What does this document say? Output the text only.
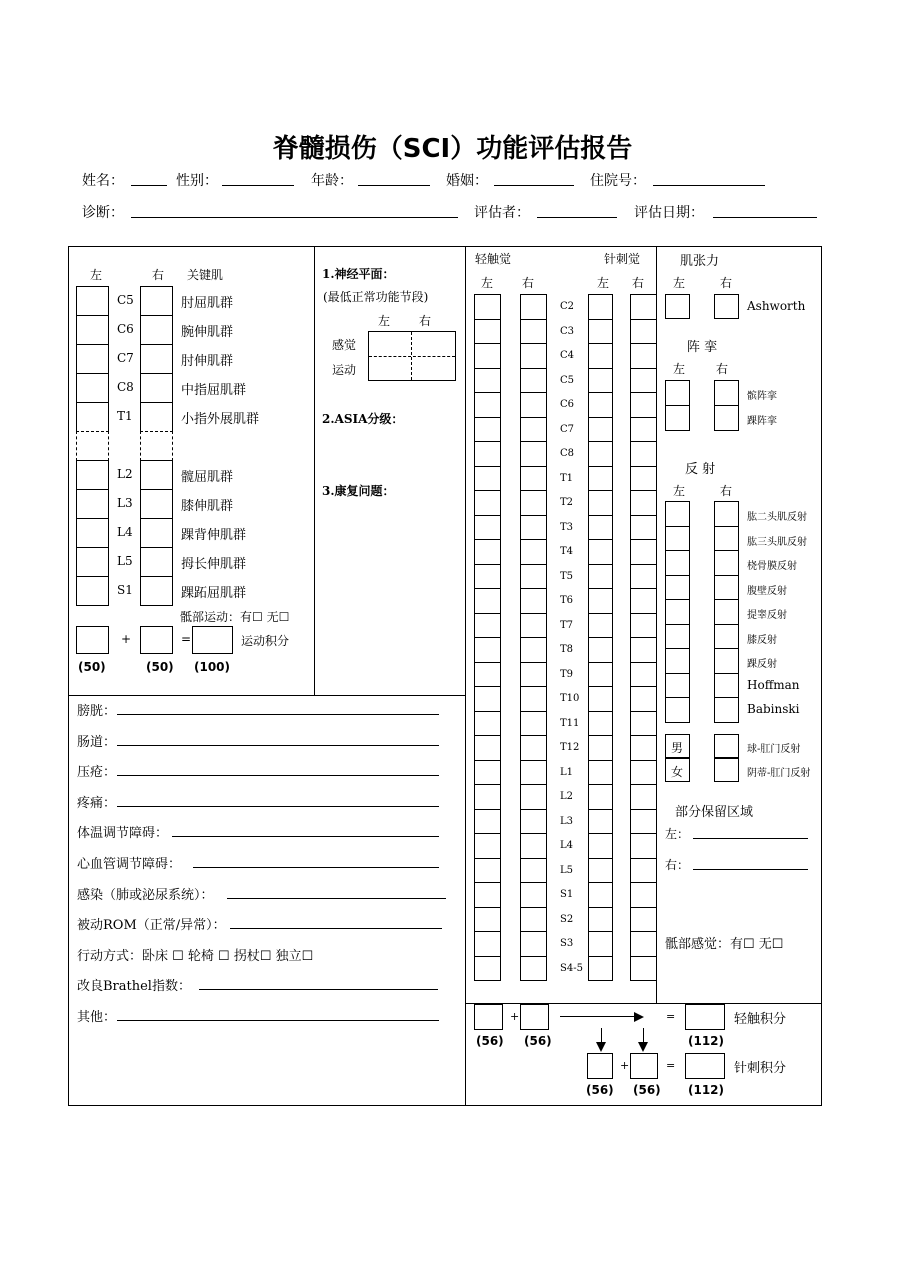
脊髓损伤（SCI）功能评估报告
姓名：	性别：	年龄：	婚姻：	住院号：
诊断：	评估者：	评估日期：
左	右 关键肌
C5	肘屈肌群
C6	腕伸肌群
C7	肘伸肌群
C8	中指屈肌群
T1	小指外展肌群
L2	髋屈肌群
L3	膝伸肌群
L4	踝背伸肌群
L5	拇长伸肌群
S1	踝跖屈肌群
骶部运动：有☐ 无☐
+	=	运动积分
(50)	(50) (100)
1.神经平面：
(最低正常功能节段)
左 右
感觉
运动
2.ASIA分级：
3.康复问题：
膀胱：
肠道：
压疮：
疼痛：
体温调节障碍：
心血管调节障碍：
感染（肺或泌尿系统）：
被动ROM（正常/异常）：
行动方式：卧床 ☐ 轮椅 ☐ 拐杖☐ 独立☐
改良Brathel指数：
其他：
轻触觉	针刺觉
左 右	左 右
C2
C3
C4
C5
C6
C7
C8
T1
T2
T3
T4
T5
T6
T7
T8
T9
T10
T11
T12
L1
L2
L3
L4
L5
S1
S2
S3
S4-5
+	=	轻触积分
(56) (56)	(112)
+	=	针刺积分
(56) (56) (112)
肌张力
左	右
Ashworth
阵 挛
左	右
髌阵挛
踝阵挛
反 射
左	右
肱二头肌反射
肱三头肌反射
桡骨膜反射
腹壁反射
提睾反射
膝反射
踝反射
Hoffman
Babinski
男
女
球-肛门反射
阴蒂-肛门反射
部分保留区域
左：
右：
骶部感觉：有☐ 无☐
